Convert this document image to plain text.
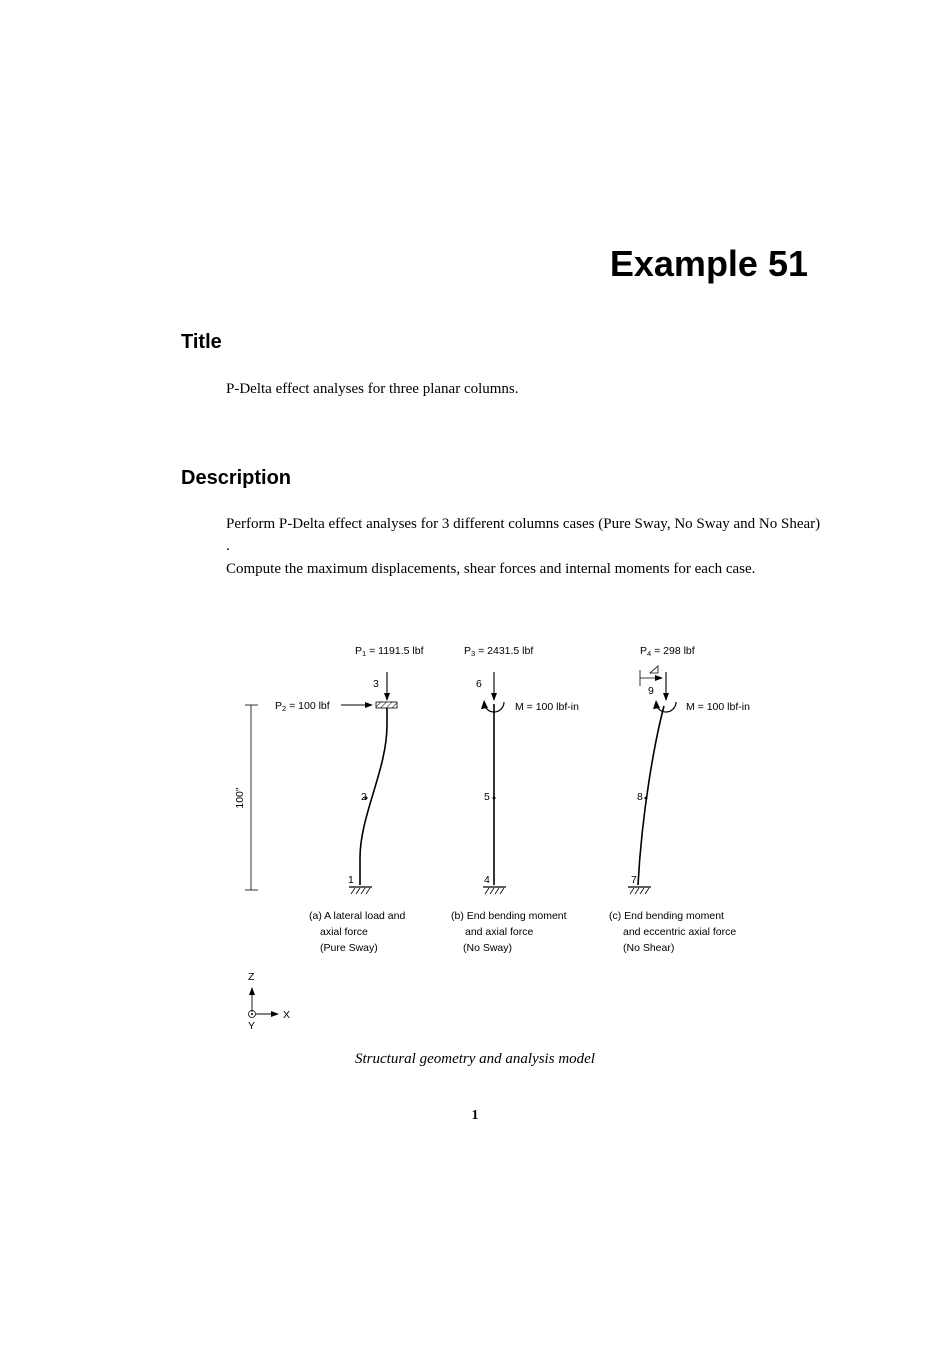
Example 51
Title

P-Delta effect analyses for three planar columns.

Description

Perform P-Delta effect analyses for 3 different columns cases (Pure Sway, No Sway and No Shear) .

Compute the maximum displacements, shear forces and internal moments for each case.

100"
P1 = 1191.5 lbf
P2 = 100 lbf
3
2
1
(a) A lateral load and
axial force
(Pure Sway)
P3 = 2431.5 lbf
M = 100 lbf-in
6
5
4
(b) End bending moment
and axial force
(No Sway)
P4 = 298 lbf
M = 100 lbf-in
9
8
7
(c) End bending moment
and eccentric axial force
(No Shear)
Z
X
Y

Structural geometry and analysis model

1
